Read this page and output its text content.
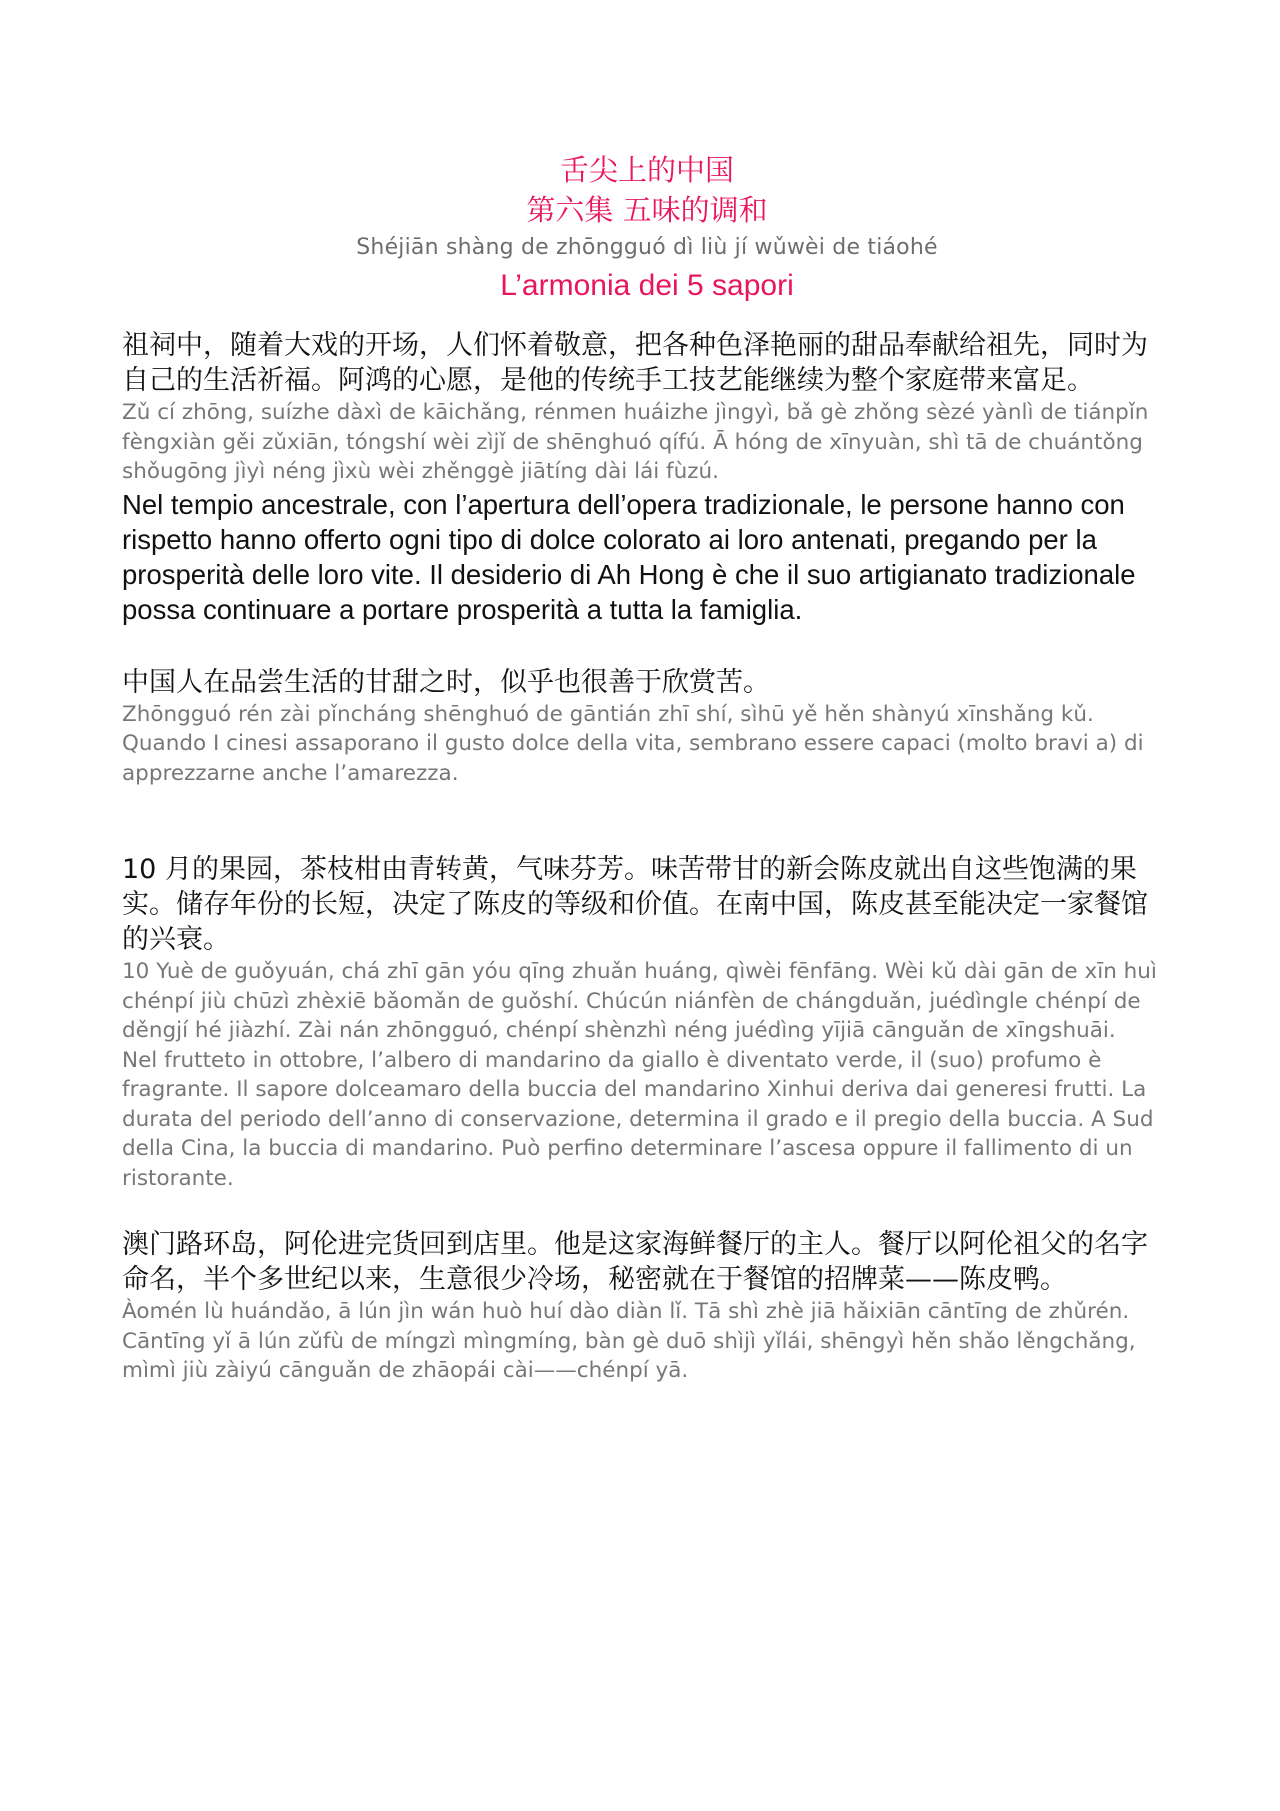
舌尖上的中国

第六集 五味的调和

Shéjiān shàng de zhōngguó dì liù jí wǔwèi de tiáohé

L’armonia dei 5 sapori

祖祠中，随着大戏的开场，人们怀着敬意，把各种色泽艳丽的甜品奉献给祖先，同时为自己的生活祈福。阿鸿的心愿，是他的传统手工技艺能继续为整个家庭带来富足。

Zǔ cí zhōng, suízhe dàxì de kāichǎng, rénmen huáizhe jìngyì, bǎ gè zhǒng sèzé yànlì de tiánpǐn fèngxiàn gěi zǔxiān, tóngshí wèi zìjǐ de shēnghuó qífú. Ā hóng de xīnyuàn, shì tā de chuántǒng shǒugōng jìyì néng jìxù wèi zhěnggè jiātíng dài lái fùzú.

Nel tempio ancestrale, con l’apertura dell’opera tradizionale, le persone hanno con rispetto hanno offerto ogni tipo di dolce colorato ai loro antenati, pregando per la prosperità delle loro vite. Il desiderio di Ah Hong è che il suo artigianato tradizionale possa continuare a portare prosperità a tutta la famiglia.

中国人在品尝生活的甘甜之时，似乎也很善于欣赏苦。

Zhōngguó rén zài pǐncháng shēnghuó de gāntián zhī shí, sìhū yě hěn shànyú xīnshǎng kǔ.

Quando I cinesi assaporano il gusto dolce della vita, sembrano essere capaci (molto bravi a) di apprezzarne anche l’amarezza.

10 月的果园，茶枝柑由青转黄，气味芬芳。味苦带甘的新会陈皮就出自这些饱满的果实。储存年份的长短，决定了陈皮的等级和价值。在南中国，陈皮甚至能决定一家餐馆的兴衰。

10 Yuè de guǒyuán, chá zhī gān yóu qīng zhuǎn huáng, qìwèi fēnfāng. Wèi kǔ dài gān de xīn huì chénpí jiù chūzì zhèxiē bǎomǎn de guǒshí. Chúcún niánfèn de chángduǎn, juédìngle chénpí de děngjí hé jiàzhí. Zài nán zhōngguó, chénpí shènzhì néng juédìng yījiā cānguǎn de xīngshuāi.

Nel frutteto in ottobre, l’albero di mandarino da giallo è diventato verde, il (suo) profumo è fragrante. Il sapore dolceamaro della buccia del mandarino Xinhui deriva dai generesi frutti. La durata del periodo dell’anno di conservazione, determina il grado e il pregio della buccia. A Sud della Cina, la buccia di mandarino. Può perfino determinare l’ascesa oppure il fallimento di un ristorante.

澳门路环岛，阿伦进完货回到店里。他是这家海鲜餐厅的主人。餐厅以阿伦祖父的名字命名，半个多世纪以来，生意很少冷场，秘密就在于餐馆的招牌菜——陈皮鸭。

Àomén lù huándǎo, ā lún jìn wán huò huí dào diàn lǐ. Tā shì zhè jiā hǎixiān cāntīng de zhǔrén. Cāntīng yǐ ā lún zǔfù de míngzì mìngmíng, bàn gè duō shìjì yǐlái, shēngyì hěn shǎo lěngchǎng, mìmì jiù zàiyú cānguǎn de zhāopái cài——chénpí yā.
